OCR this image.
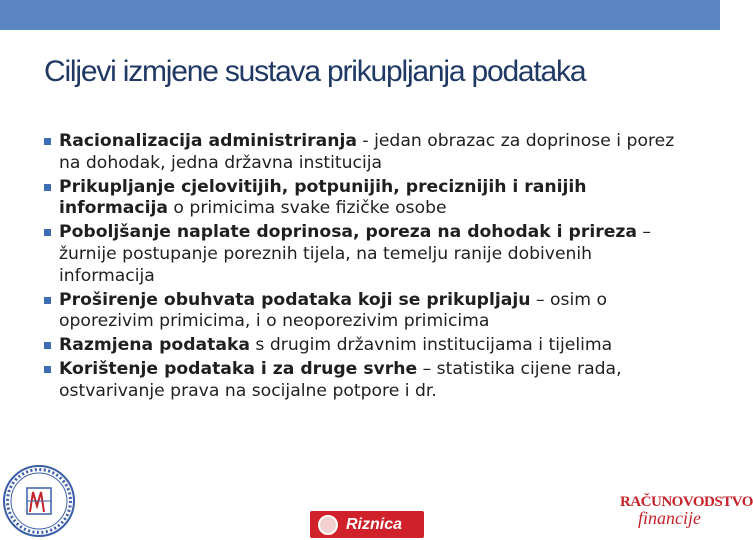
Ciljevi izmjene sustava prikupljanja podataka
Racionalizacija administriranja - jedan obrazac za doprinose i porez na dohodak, jedna državna institucija
Prikupljanje cjelovitijih, potpunijih, preciznijih i ranijih informacija o primicima svake fizičke osobe
Poboljšanje naplate doprinosa, poreza na dohodak i prireza – žurnije postupanje poreznih tijela, na temelju ranije dobivenih informacija
Proširenje obuhvata podataka koji se prikupljaju – osim o oporezivim primicima, i o neoporezivim primicima
Razmjena podataka s drugim državnim institucijama i tijelima
Korištenje podataka i za druge svrhe – statistika cijene rada, ostvarivanje prava na socijalne potpore i dr.
Riznica
RAČUNOVODSTVO
financije
